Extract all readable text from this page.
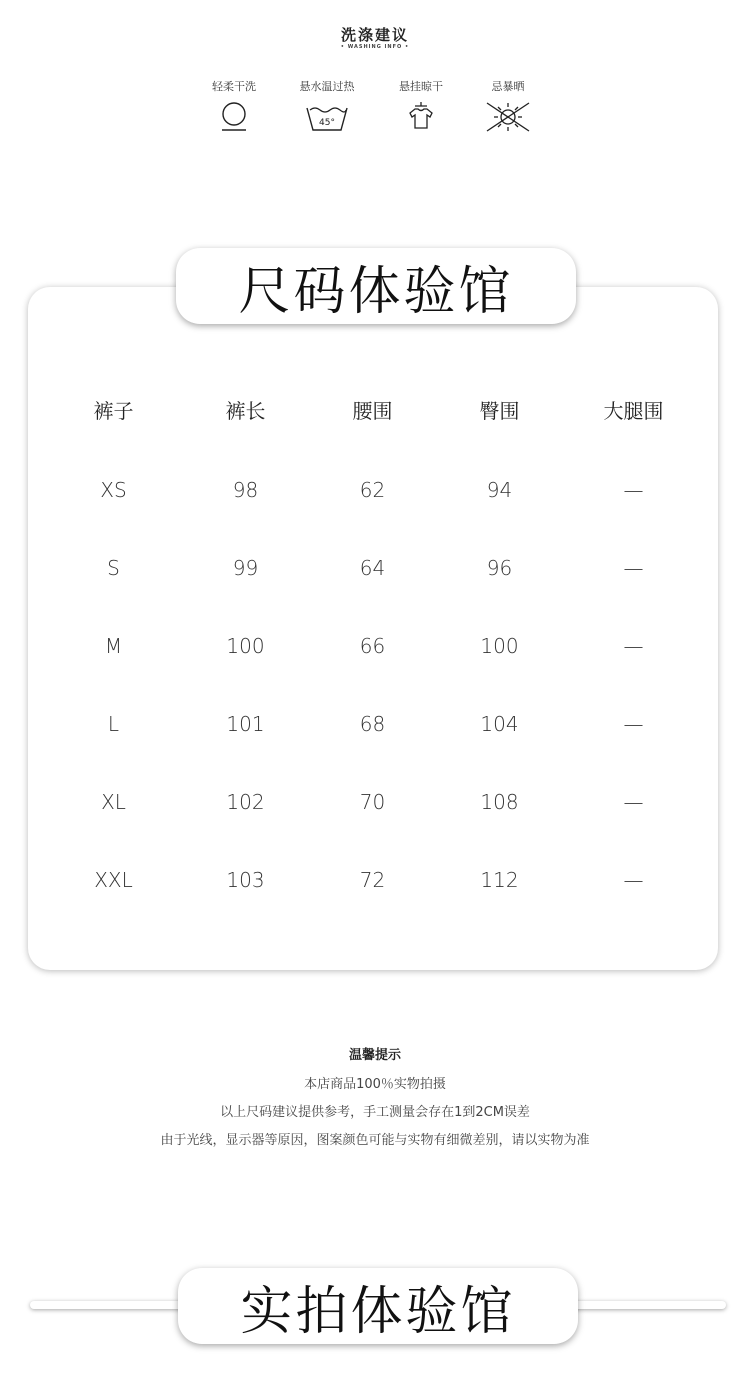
洗涤建议
• WASHING INFO •
轻柔干洗	悬水温过热
45°
悬挂晾干	忌暴晒
尺码体验馆
裤子	裤长	腰围	臀围	大腿围
XS	98	62	94	—
S	99	64	96	—
M	100	66	100	—
L	101	68	104	—
XL	102	70	108	—
XXL	103	72	112	—
温馨提示
本店商品100％实物拍摄
以上尺码建议提供参考，手工测量会存在1到2CM误差
由于光线，显示器等原因，图案颜色可能与实物有细微差别，请以实物为准
实拍体验馆
